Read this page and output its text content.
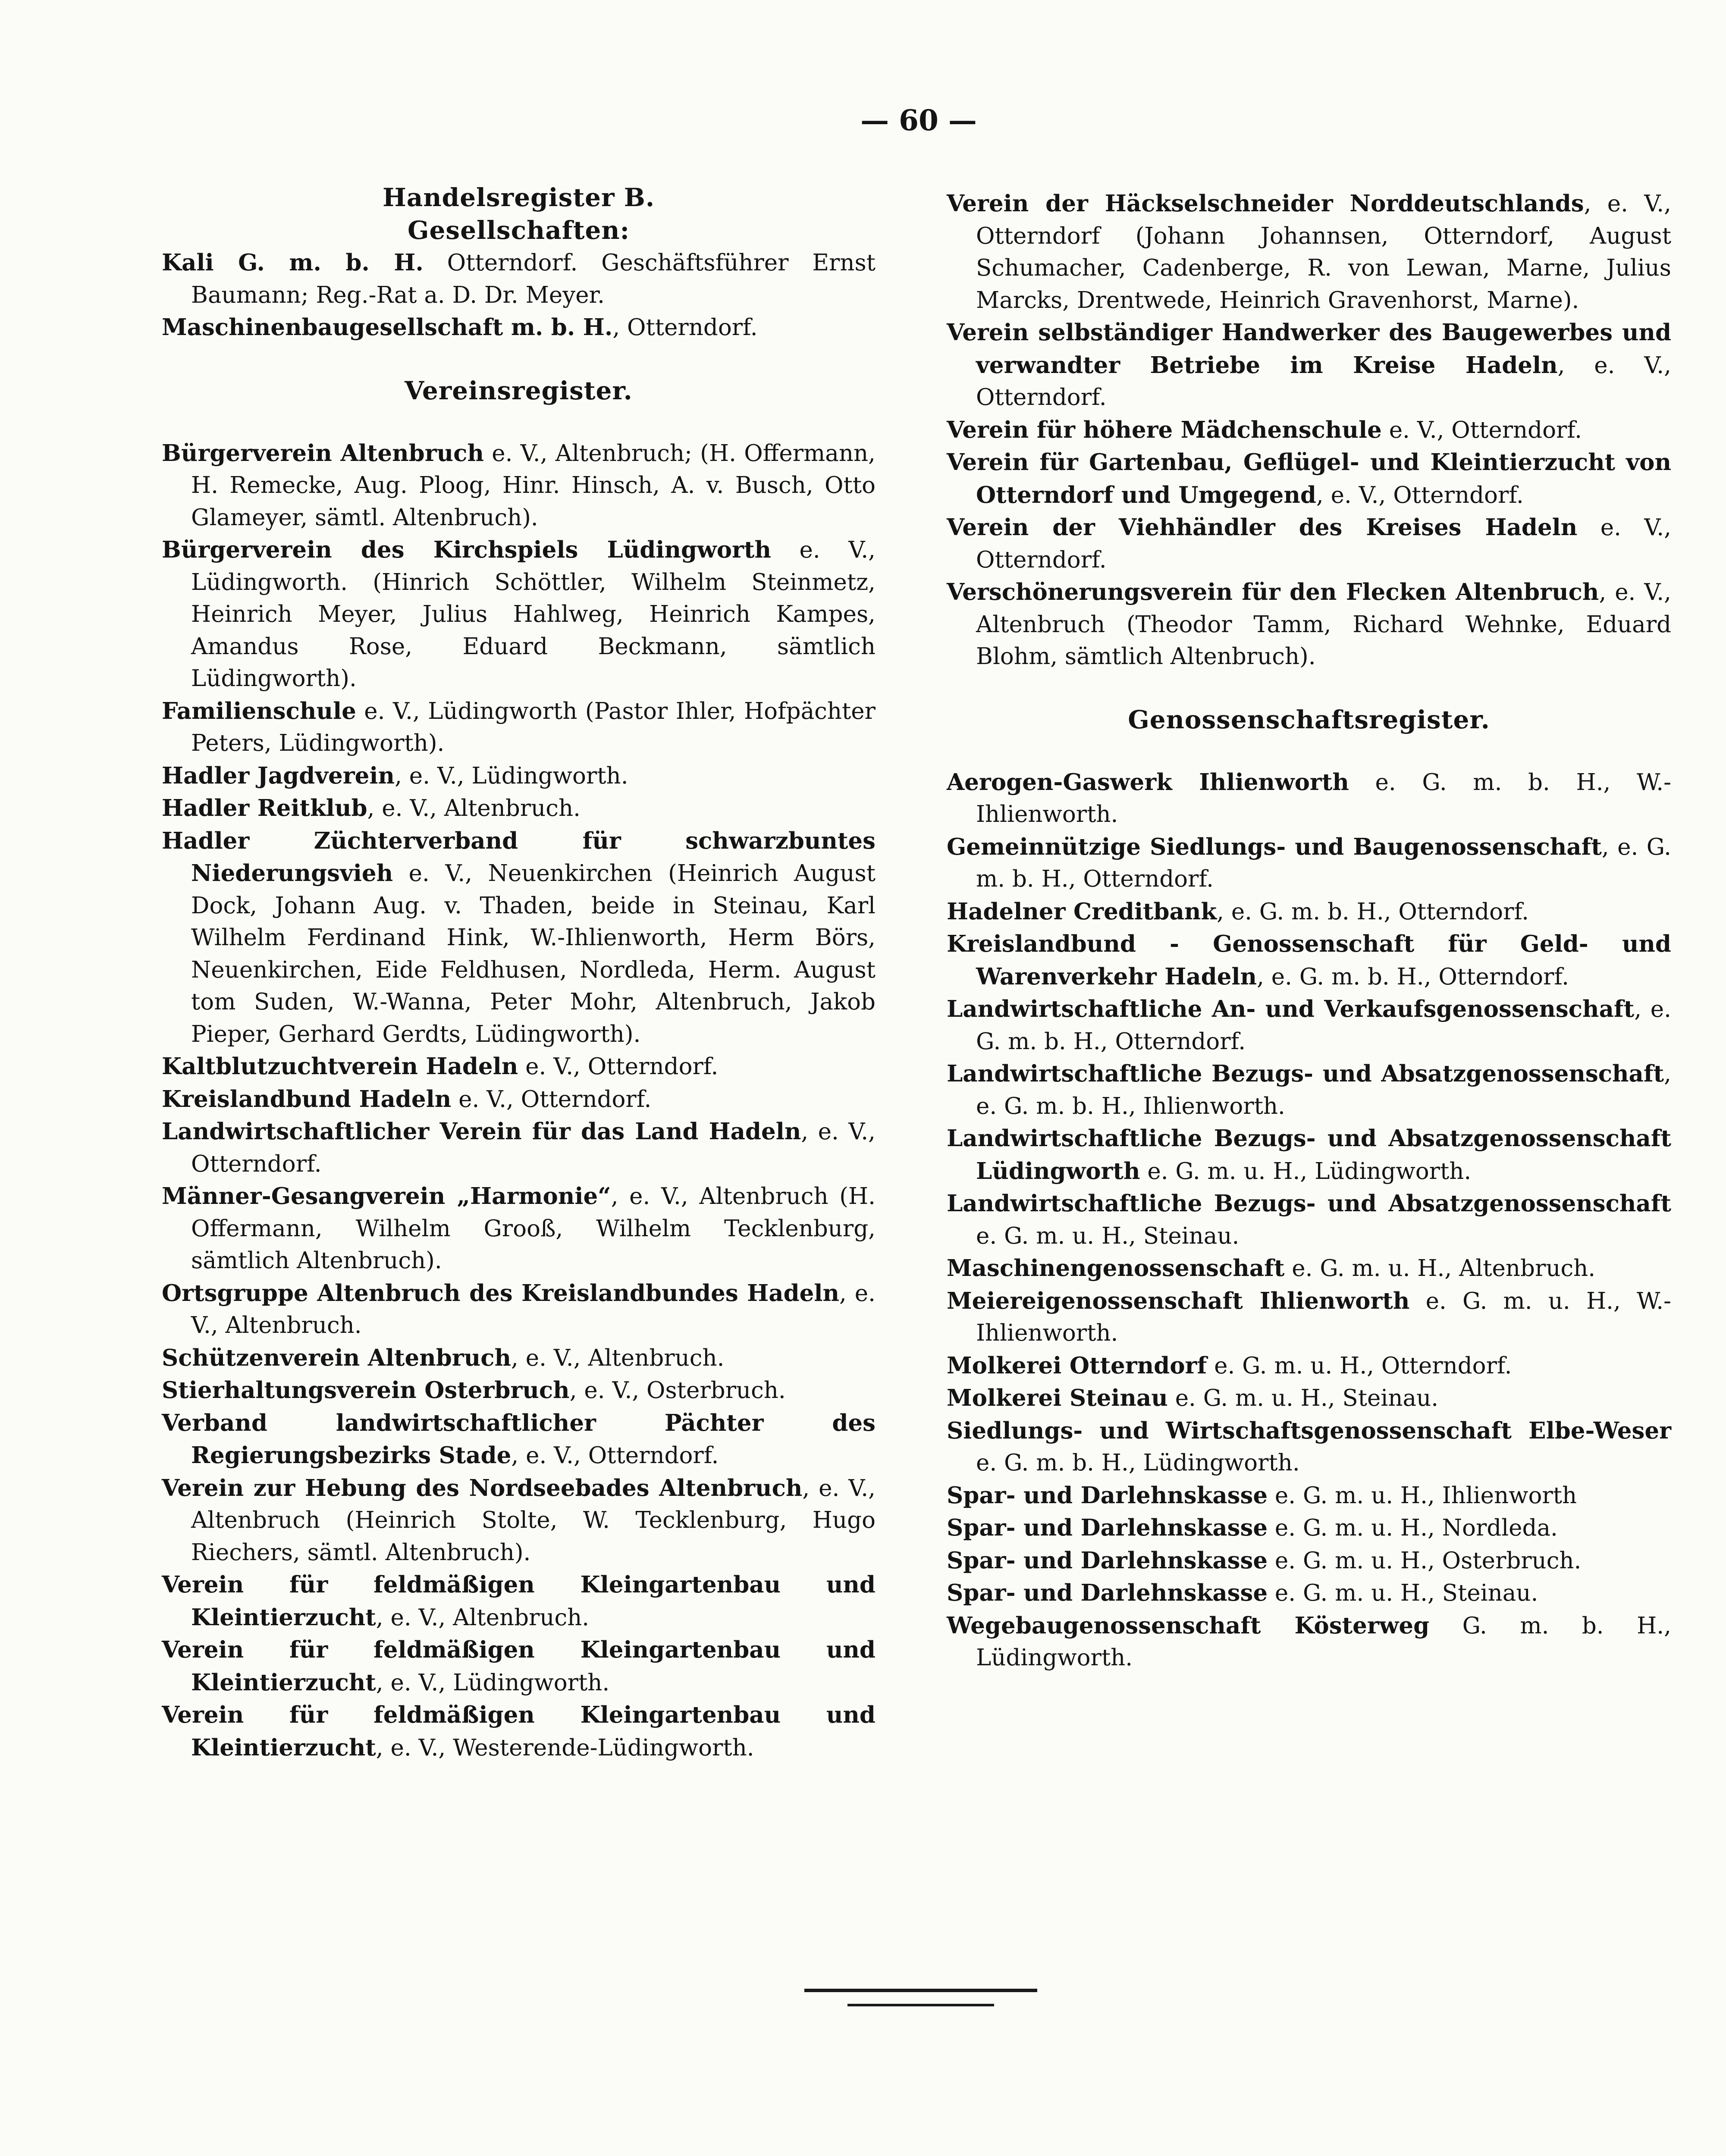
— 60 —
Handelsregister B.
Gesellschaften:
Kali G. m. b. H. Otterndorf. Geschäftsführer Ernst Baumann; Reg.-Rat a. D. Dr. Meyer.
Maschinenbaugesellschaft m. b. H., Otterndorf.
Vereinsregister.
Bürgerverein Altenbruch e. V., Altenbruch; (H. Offermann, H. Remecke, Aug. Ploog, Hinr. Hinsch, A. v. Busch, Otto Glameyer, sämtl. Altenbruch).
Bürgerverein des Kirchspiels Lüdingworth e. V., Lüdingworth. (Hinrich Schöttler, Wilhelm Steinmetz, Heinrich Meyer, Julius Hahlweg, Heinrich Kampes, Amandus Rose, Eduard Beckmann, sämtlich Lüdingworth).
Familienschule e. V., Lüdingworth (Pastor Ihler, Hofpächter Peters, Lüdingworth).
Hadler Jagdverein, e. V., Lüdingworth.
Hadler Reitklub, e. V., Altenbruch.
Hadler Züchterverband für schwarzbuntes Niederungsvieh e. V., Neuenkirchen (Heinrich August Dock, Johann Aug. v. Thaden, beide in Steinau, Karl Wilhelm Ferdinand Hink, W.-Ihlienworth, Herm Börs, Neuenkirchen, Eide Feldhusen, Nordleda, Herm. August tom Suden, W.-Wanna, Peter Mohr, Altenbruch, Jakob Pieper, Gerhard Gerdts, Lüdingworth).
Kaltblutzuchtverein Hadeln e. V., Otterndorf.
Kreislandbund Hadeln e. V., Otterndorf.
Landwirtschaftlicher Verein für das Land Hadeln, e. V., Otterndorf.
Männer-Gesangverein „Harmonie“, e. V., Altenbruch (H. Offermann, Wilhelm Grooß, Wilhelm Tecklenburg, sämtlich Altenbruch).
Ortsgruppe Altenbruch des Kreislandbundes Hadeln, e. V., Altenbruch.
Schützenverein Altenbruch, e. V., Altenbruch.
Stierhaltungsverein Osterbruch, e. V., Osterbruch.
Verband landwirtschaftlicher Pächter des Regierungsbezirks Stade, e. V., Otterndorf.
Verein zur Hebung des Nordseebades Altenbruch, e. V., Altenbruch (Heinrich Stolte, W. Tecklenburg, Hugo Riechers, sämtl. Altenbruch).
Verein für feldmäßigen Kleingartenbau und Kleintierzucht, e. V., Altenbruch.
Verein für feldmäßigen Kleingartenbau und Kleintierzucht, e. V., Lüdingworth.
Verein für feldmäßigen Kleingartenbau und Kleintierzucht, e. V., Westerende-Lüdingworth.
Verein der Häckselschneider Norddeutschlands, e. V., Otterndorf (Johann Johannsen, Otterndorf, August Schumacher, Cadenberge, R. von Lewan, Marne, Julius Marcks, Drentwede, Heinrich Gravenhorst, Marne).
Verein selbständiger Handwerker des Baugewerbes und verwandter Betriebe im Kreise Hadeln, e. V., Otterndorf.
Verein für höhere Mädchenschule e. V., Otterndorf.
Verein für Gartenbau, Geflügel- und Kleintierzucht von Otterndorf und Umgegend, e. V., Otterndorf.
Verein der Viehhändler des Kreises Hadeln e. V., Otterndorf.
Verschönerungsverein für den Flecken Altenbruch, e. V., Altenbruch (Theodor Tamm, Richard Wehnke, Eduard Blohm, sämtlich Altenbruch).
Genossenschaftsregister.
Aerogen-Gaswerk Ihlienworth e. G. m. b. H., W.-Ihlienworth.
Gemeinnützige Siedlungs- und Baugenossenschaft, e. G. m. b. H., Otterndorf.
Hadelner Creditbank, e. G. m. b. H., Otterndorf.
Kreislandbund - Genossenschaft für Geld- und Warenverkehr Hadeln, e. G. m. b. H., Otterndorf.
Landwirtschaftliche An- und Verkaufsgenossenschaft, e. G. m. b. H., Otterndorf.
Landwirtschaftliche Bezugs- und Absatzgenossenschaft, e. G. m. b. H., Ihlienworth.
Landwirtschaftliche Bezugs- und Absatzgenossenschaft Lüdingworth e. G. m. u. H., Lüdingworth.
Landwirtschaftliche Bezugs- und Absatzgenossenschaft e. G. m. u. H., Steinau.
Maschinengenossenschaft e. G. m. u. H., Altenbruch.
Meiereigenossenschaft Ihlienworth e. G. m. u. H., W.-Ihlienworth.
Molkerei Otterndorf e. G. m. u. H., Otterndorf.
Molkerei Steinau e. G. m. u. H., Steinau.
Siedlungs- und Wirtschaftsgenossenschaft Elbe-Weser e. G. m. b. H., Lüdingworth.
Spar- und Darlehnskasse e. G. m. u. H., Ihlienworth
Spar- und Darlehnskasse e. G. m. u. H., Nordleda.
Spar- und Darlehnskasse e. G. m. u. H., Osterbruch.
Spar- und Darlehnskasse e. G. m. u. H., Steinau.
Wegebaugenossenschaft Kösterweg G. m. b. H., Lüdingworth.
